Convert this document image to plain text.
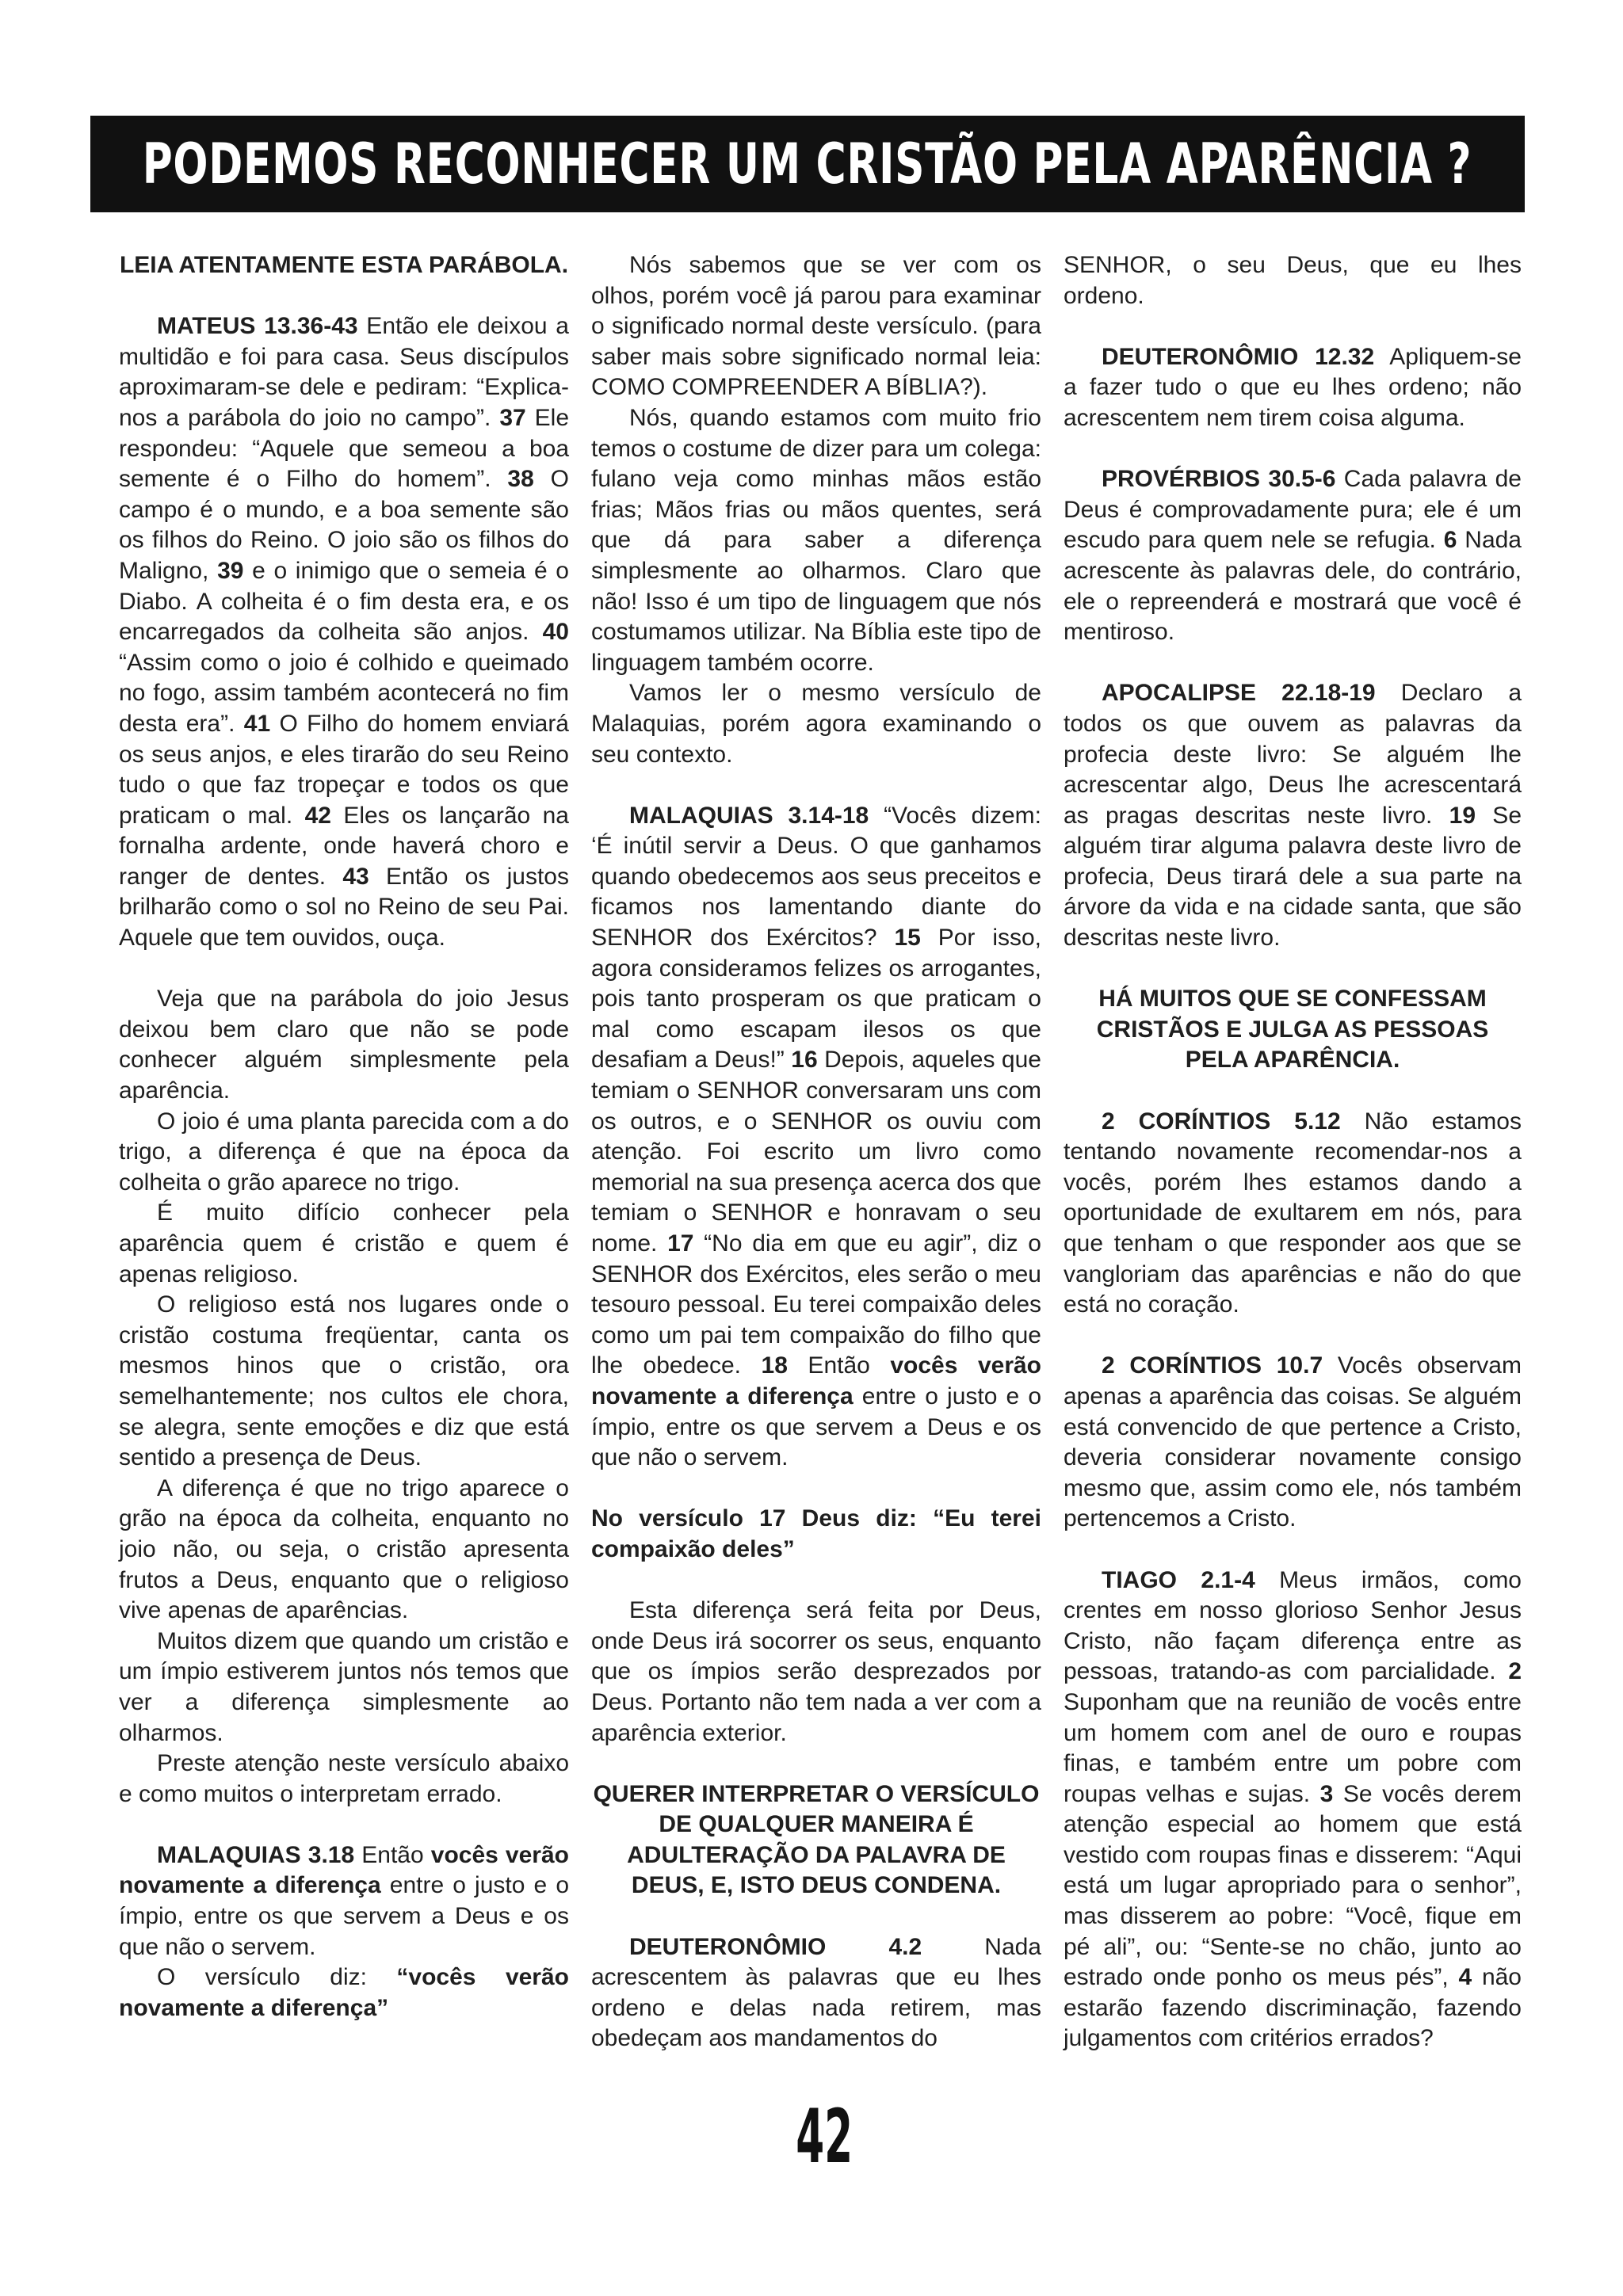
PODEMOS RECONHECER UM CRISTÃO PELA APARÊNCIA ?

LEIA ATENTAMENTE ESTA PARÁBOLA.

MATEUS 13.36-43 Então ele deixou a multidão e foi para casa. Seus discípulos aproximaram-se dele e pediram: “Explica-nos a parábola do joio no campo”. 37 Ele respondeu: “Aquele que semeou a boa semente é o Filho do homem”. 38 O campo é o mundo, e a boa semente são os filhos do Reino. O joio são os filhos do Maligno, 39 e o inimigo que o semeia é o Diabo. A colheita é o fim desta era, e os encarregados da colheita são anjos. 40 “Assim como o joio é colhido e queimado no fogo, assim também acontecerá no fim desta era”. 41 O Filho do homem enviará os seus anjos, e eles tirarão do seu Reino tudo o que faz tropeçar e todos os que praticam o mal. 42 Eles os lançarão na fornalha ardente, onde haverá choro e ranger de dentes. 43 Então os justos brilharão como o sol no Reino de seu Pai. Aquele que tem ouvidos, ouça.

Veja que na parábola do joio Jesus deixou bem claro que não se pode conhecer alguém simplesmente pela aparência.

O joio é uma planta parecida com a do trigo, a diferença é que na época da colheita o grão aparece no trigo.

É muito difício conhecer pela aparência quem é cristão e quem é apenas religioso.

O religioso está nos lugares onde o cristão costuma freqüentar, canta os mesmos hinos que o cristão, ora semelhantemente; nos cultos ele chora, se alegra, sente emoções e diz que está sentido a presença de Deus.

A diferença é que no trigo aparece o grão na época da colheita, enquanto no joio não, ou seja, o cristão apresenta frutos a Deus, enquanto que o religioso vive apenas de aparências.

Muitos dizem que quando um cristão e um ímpio estiverem juntos nós temos que ver a diferença simplesmente ao olharmos.

Preste atenção neste versículo abaixo e como muitos o interpretam errado.

MALAQUIAS 3.18 Então vocês verão novamente a diferença entre o justo e o ímpio, entre os que servem a Deus e os que não o servem.

O versículo diz: “vocês verão novamente a diferença”

Nós sabemos que se ver com os olhos, porém você já parou para examinar o significado normal deste versículo. (para saber mais sobre significado normal leia: COMO COMPREENDER A BÍBLIA?).

Nós, quando estamos com muito frio temos o costume de dizer para um colega: fulano veja como minhas mãos estão frias; Mãos frias ou mãos quentes, será que dá para saber a diferença simplesmente ao olharmos. Claro que não! Isso é um tipo de linguagem que nós costumamos utilizar. Na Bíblia este tipo de linguagem também ocorre.

Vamos ler o mesmo versículo de Malaquias, porém agora examinando o seu contexto.

MALAQUIAS 3.14-18 “Vocês dizem: ‘É inútil servir a Deus. O que ganhamos quando obedecemos aos seus preceitos e ficamos nos lamentando diante do SENHOR dos Exércitos? 15 Por isso, agora consideramos felizes os arrogantes, pois tanto prosperam os que praticam o mal como escapam ilesos os que desafiam a Deus!” 16 Depois, aqueles que temiam o SENHOR conversaram uns com os outros, e o SENHOR os ouviu com atenção. Foi escrito um livro como memorial na sua presença acerca dos que temiam o SENHOR e honravam o seu nome. 17 “No dia em que eu agir”, diz o SENHOR dos Exércitos, eles serão o meu tesouro pessoal. Eu terei compaixão deles como um pai tem compaixão do filho que lhe obedece. 18 Então vocês verão novamente a diferença entre o justo e o ímpio, entre os que servem a Deus e os que não o servem.

No versículo 17 Deus diz: “Eu terei compaixão deles”

Esta diferença será feita por Deus, onde Deus irá socorrer os seus, enquanto que os ímpios serão desprezados por Deus. Portanto não tem nada a ver com a aparência exterior.

QUERER INTERPRETAR O VERSÍCULO DE QUALQUER MANEIRA É ADULTERAÇÃO DA PALAVRA DE DEUS, E, ISTO DEUS CONDENA.

DEUTERONÔMIO 4.2 Nada acrescentem às palavras que eu lhes ordeno e delas nada retirem, mas obedeçam aos mandamentos do

SENHOR, o seu Deus, que eu lhes ordeno.

DEUTERONÔMIO 12.32 Apliquem-se a fazer tudo o que eu lhes ordeno; não acrescentem nem tirem coisa alguma.

PROVÉRBIOS 30.5-6 Cada palavra de Deus é comprovadamente pura; ele é um escudo para quem nele se refugia. 6 Nada acrescente às palavras dele, do contrário, ele o repreenderá e mostrará que você é mentiroso.

APOCALIPSE 22.18-19 Declaro a todos os que ouvem as palavras da profecia deste livro: Se alguém lhe acrescentar algo, Deus lhe acrescentará as pragas descritas neste livro. 19 Se alguém tirar alguma palavra deste livro de profecia, Deus tirará dele a sua parte na árvore da vida e na cidade santa, que são descritas neste livro.

HÁ MUITOS QUE SE CONFESSAM CRISTÃOS E JULGA AS PESSOAS PELA APARÊNCIA.

2 CORÍNTIOS 5.12 Não estamos tentando novamente recomendar-nos a vocês, porém lhes estamos dando a oportunidade de exultarem em nós, para que tenham o que responder aos que se vangloriam das aparências e não do que está no coração.

2 CORÍNTIOS 10.7 Vocês observam apenas a aparência das coisas. Se alguém está convencido de que pertence a Cristo, deveria considerar novamente consigo mesmo que, assim como ele, nós também pertencemos a Cristo.

TIAGO 2.1-4 Meus irmãos, como crentes em nosso glorioso Senhor Jesus Cristo, não façam diferença entre as pessoas, tratando-as com parcialidade. 2 Suponham que na reunião de vocês entre um homem com anel de ouro e roupas finas, e também entre um pobre com roupas velhas e sujas. 3 Se vocês derem atenção especial ao homem que está vestido com roupas finas e disserem: “Aqui está um lugar apropriado para o senhor”, mas disserem ao pobre: “Você, fique em pé ali”, ou: “Sente-se no chão, junto ao estrado onde ponho os meus pés”, 4 não estarão fazendo discriminação, fazendo julgamentos com critérios errados?

42
